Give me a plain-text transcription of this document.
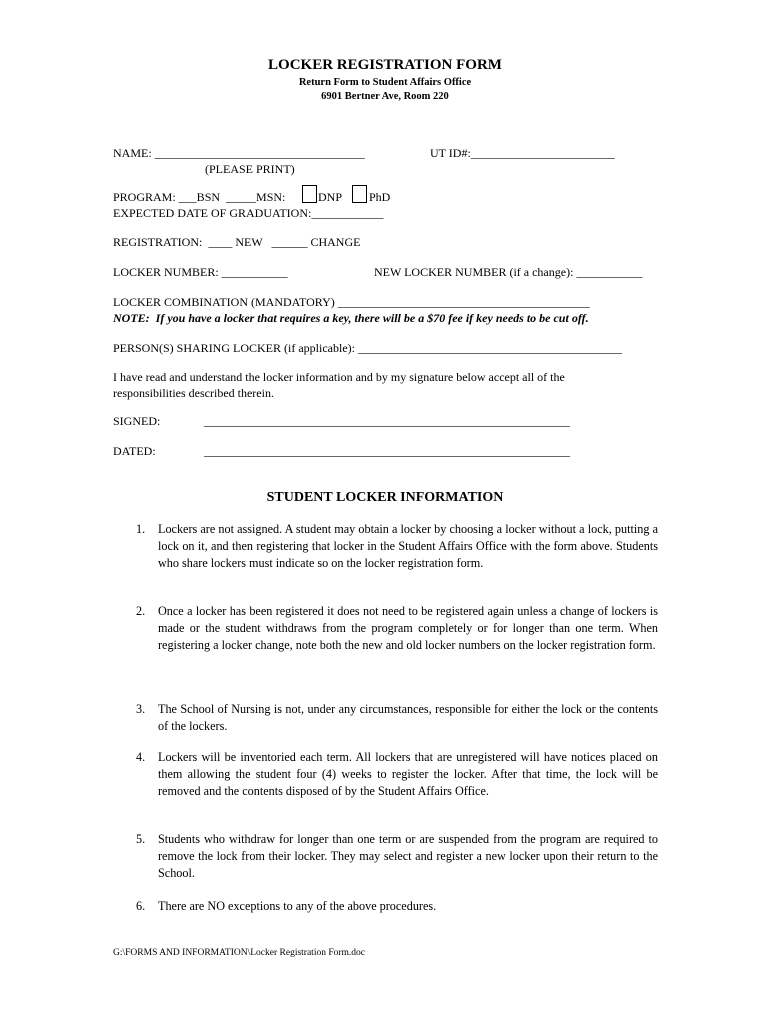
LOCKER REGISTRATION FORM
Return Form to Student Affairs Office
6901 Bertner Ave, Room 220
NAME: ___________________________________	UT ID#:________________________
(PLEASE PRINT)
PROGRAM: ___BSN  _____MSN:	DNP PhD
EXPECTED DATE OF GRADUATION:____________
REGISTRATION:  ____ NEW   ______ CHANGE
LOCKER NUMBER: ___________	NEW LOCKER NUMBER (if a change): ___________
LOCKER COMBINATION (MANDATORY) __________________________________________
NOTE:  If you have a locker that requires a key, there will be a $70 fee if key needs to be cut off.
PERSON(S) SHARING LOCKER (if applicable): ____________________________________________
I have read and understand the locker information and by my signature below accept all of the
responsibilities described therein.
SIGNED:	_____________________________________________________________
DATED:	_____________________________________________________________
STUDENT LOCKER INFORMATION
1. Lockers are not assigned. A student may obtain a locker by choosing a locker without a lock, putting a lock on it, and then registering that locker in the Student Affairs Office with the form above. Students who share lockers must indicate so on the locker registration form.
2. Once a locker has been registered it does not need to be registered again unless a change of lockers is made or the student withdraws from the program completely or for longer than one term. When registering a locker change, note both the new and old locker numbers on the locker registration form.
3. The School of Nursing is not, under any circumstances, responsible for either the lock or the contents of the lockers.
4. Lockers will be inventoried each term. All lockers that are unregistered will have notices placed on them allowing the student four (4) weeks to register the locker. After that time, the lock will be removed and the contents disposed of by the Student Affairs Office.
5. Students who withdraw for longer than one term or are suspended from the program are required to remove the lock from their locker. They may select and register a new locker upon their return to the School.
6. There are NO exceptions to any of the above procedures.
G:\FORMS AND INFORMATION\Locker Registration Form.doc
